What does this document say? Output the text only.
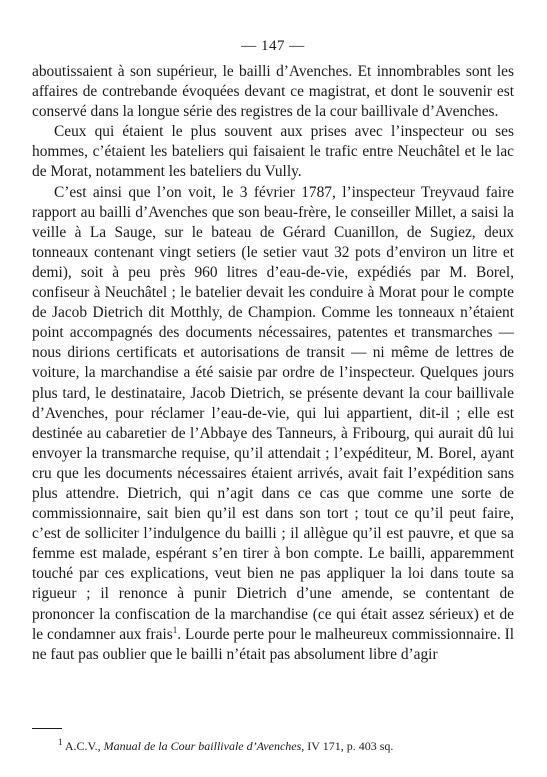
— 147 —

aboutissaient à son supérieur, le bailli d’Avenches. Et innombrables sont les affaires de contrebande évoquées devant ce magistrat, et dont le souvenir est conservé dans la longue série des registres de la cour baillivale d’Avenches.

Ceux qui étaient le plus souvent aux prises avec l’inspecteur ou ses hommes, c’étaient les bateliers qui faisaient le trafic entre Neuchâtel et le lac de Morat, notamment les bateliers du Vully.

C’est ainsi que l’on voit, le 3 février 1787, l’inspecteur Treyvaud faire rapport au bailli d’Avenches que son beau-frère, le conseiller Millet, a saisi la veille à La Sauge, sur le bateau de Gérard Cuanillon, de Sugiez, deux tonneaux contenant vingt setiers (le setier vaut 32 pots d’environ un litre et demi), soit à peu près 960 litres d’eau-de-vie, expédiés par M. Borel, confiseur à Neuchâtel ; le batelier devait les conduire à Morat pour le compte de Jacob Dietrich dit Motthly, de Champion. Comme les tonneaux n’étaient point accompagnés des documents nécessaires, patentes et transmarches — nous dirions certificats et autorisations de transit — ni même de lettres de voiture, la marchandise a été saisie par ordre de l’inspecteur. Quelques jours plus tard, le destinataire, Jacob Dietrich, se présente devant la cour baillivale d’Avenches, pour réclamer l’eau-de-vie, qui lui appartient, dit-il ; elle est destinée au cabaretier de l’Abbaye des Tanneurs, à Fribourg, qui aurait dû lui envoyer la transmarche requise, qu’il attendait ; l’expéditeur, M. Borel, ayant cru que les documents nécessaires étaient arrivés, avait fait l’expédition sans plus attendre. Dietrich, qui n’agit dans ce cas que comme une sorte de commissionnaire, sait bien qu’il est dans son tort ; tout ce qu’il peut faire, c’est de solliciter l’indulgence du bailli ; il allègue qu’il est pauvre, et que sa femme est malade, espérant s’en tirer à bon compte. Le bailli, apparemment touché par ces explications, veut bien ne pas appliquer la loi dans toute sa rigueur ; il renonce à punir Dietrich d’une amende, se contentant de prononcer la confiscation de la marchandise (ce qui était assez sérieux) et de le condamner aux frais$^1$. Lourde perte pour le malheureux commissionnaire. Il ne faut pas oublier que le bailli n’était pas absolument libre d’agir

$^1$ A.C.V., Manual de la Cour baillivale d’Avenches, IV 171, p. 403 sq.
